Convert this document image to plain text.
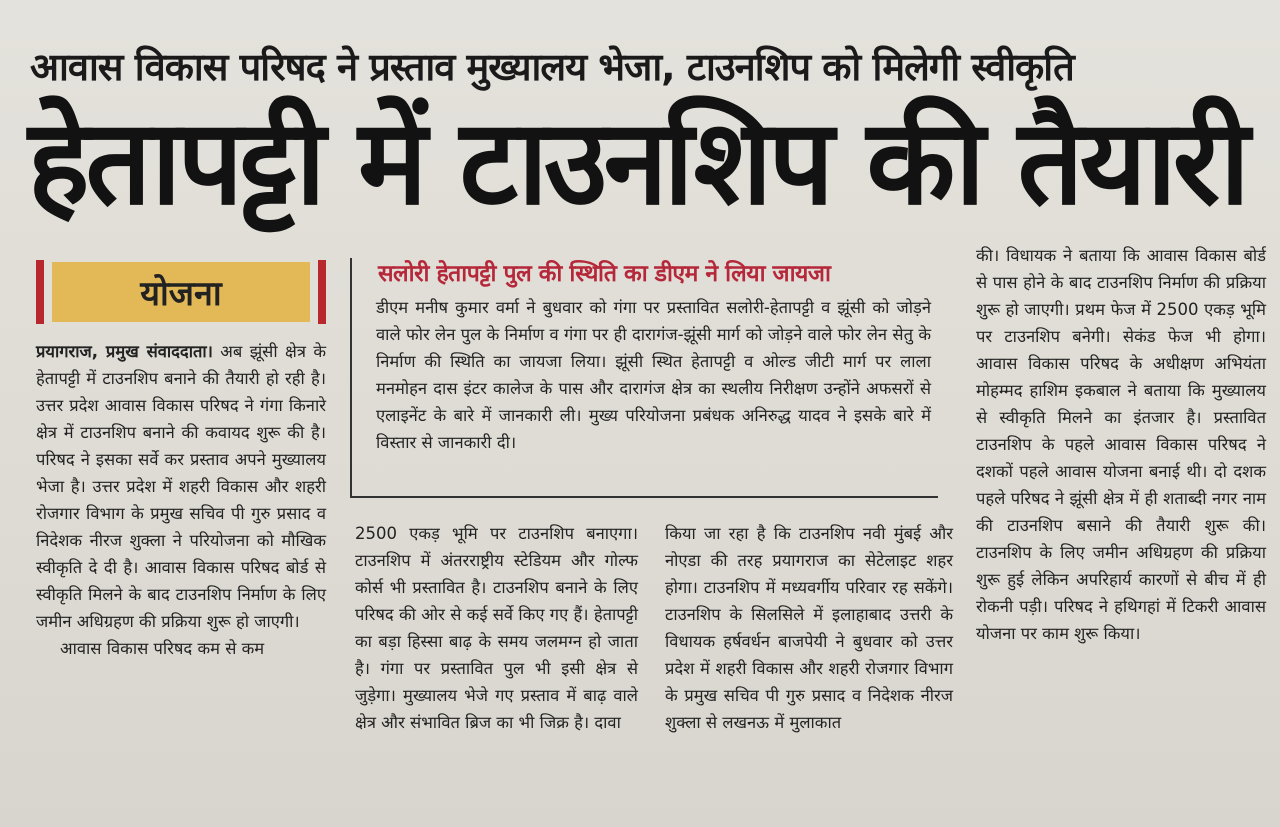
आवास विकास परिषद ने प्रस्ताव मुख्यालय भेजा, टाउनशिप को मिलेगी स्वीकृति
हेतापट्टी में टाउनशिप की तैयारी
योजना
प्रयागराज, प्रमुख संवाददाता। अब झूंसी क्षेत्र के हेतापट्टी में टाउनशिप बनाने की तैयारी हो रही है। उत्तर प्रदेश आवास विकास परिषद ने गंगा किनारे क्षेत्र में टाउनशिप बनाने की कवायद शुरू की है। परिषद ने इसका सर्वे कर प्रस्ताव अपने मुख्यालय भेजा है। उत्तर प्रदेश में शहरी विकास और शहरी रोजगार विभाग के प्रमुख सचिव पी गुरु प्रसाद व निदेशक नीरज शुक्ला ने परियोजना को मौखिक स्वीकृति दे दी है। आवास विकास परिषद बोर्ड से स्वीकृति मिलने के बाद टाउनशिप निर्माण के लिए जमीन अधिग्रहण की प्रक्रिया शुरू हो जाएगी।
आवास विकास परिषद कम से कम
सलोरी हेतापट्टी पुल की स्थिति का डीएम ने लिया जायजा
डीएम मनीष कुमार वर्मा ने बुधवार को गंगा पर प्रस्तावित सलोरी-हेतापट्टी व झूंसी को जोड़ने वाले फोर लेन पुल के निर्माण व गंगा पर ही दारागंज-झूंसी मार्ग को जोड़ने वाले फोर लेन सेतु के निर्माण की स्थिति का जायजा लिया। झूंसी स्थित हेतापट्टी व ओल्ड जीटी मार्ग पर लाला मनमोहन दास इंटर कालेज के पास और दारागंज क्षेत्र का स्थलीय निरीक्षण उन्होंने अफसरों से एलाइनेंट के बारे में जानकारी ली। मुख्य परियोजना प्रबंधक अनिरुद्ध यादव ने इसके बारे में विस्तार से जानकारी दी।
2500 एकड़ भूमि पर टाउनशिप बनाएगा। टाउनशिप में अंतरराष्ट्रीय स्टेडियम और गोल्फ कोर्स भी प्रस्तावित है। टाउनशिप बनाने के लिए परिषद की ओर से कई सर्वे किए गए हैं। हेतापट्टी का बड़ा हिस्सा बाढ़ के समय जलमग्न हो जाता है। गंगा पर प्रस्तावित पुल भी इसी क्षेत्र से जुड़ेगा। मुख्यालय भेजे गए प्रस्ताव में बाढ़ वाले क्षेत्र और संभावित ब्रिज का भी जिक्र है। दावा
किया जा रहा है कि टाउनशिप नवी मुंबई और नोएडा की तरह प्रयागराज का सेटेलाइट शहर होगा। टाउनशिप में मध्यवर्गीय परिवार रह सकेंगे। टाउनशिप के सिलसिले में इलाहाबाद उत्तरी के विधायक हर्षवर्धन बाजपेयी ने बुधवार को उत्तर प्रदेश में शहरी विकास और शहरी रोजगार विभाग के प्रमुख सचिव पी गुरु प्रसाद व निदेशक नीरज शुक्ला से लखनऊ में मुलाकात
की। विधायक ने बताया कि आवास विकास बोर्ड से पास होने के बाद टाउनशिप निर्माण की प्रक्रिया शुरू हो जाएगी। प्रथम फेज में 2500 एकड़ भूमि पर टाउनशिप बनेगी। सेकंड फेज भी होगा। आवास विकास परिषद के अधीक्षण अभियंता मोहम्मद हाशिम इकबाल ने बताया कि मुख्यालय से स्वीकृति मिलने का इंतजार है। प्रस्तावित टाउनशिप के पहले आवास विकास परिषद ने दशकों पहले आवास योजना बनाई थी। दो दशक पहले परिषद ने झूंसी क्षेत्र में ही शताब्दी नगर नाम की टाउनशिप बसाने की तैयारी शुरू की। टाउनशिप के लिए जमीन अधिग्रहण की प्रक्रिया शुरू हुई लेकिन अपरिहार्य कारणों से बीच में ही रोकनी पड़ी। परिषद ने हथिगहां में टिकरी आवास योजना पर काम शुरू किया।
